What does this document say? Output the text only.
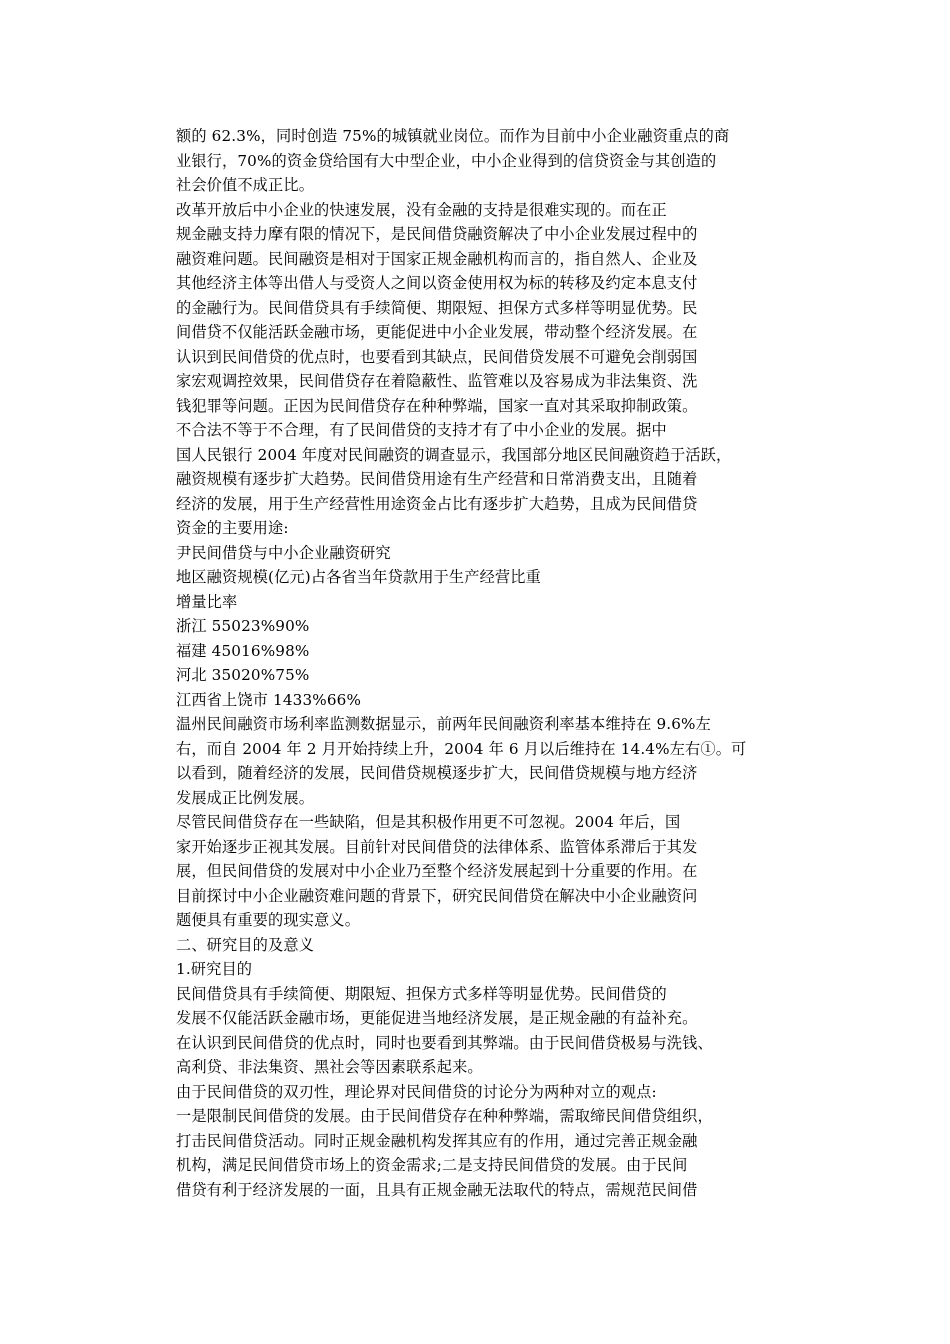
额的 62.3%，同时创造 75%的城镇就业岗位。而作为目前中小企业融资重点的商
业银行，70%的资金贷给国有大中型企业，中小企业得到的信贷资金与其创造的
社会价值不成正比。
改革开放后中小企业的快速发展，没有金融的支持是很难实现的。而在正
规金融支持力摩有限的情况下，是民间借贷融资解决了中小企业发展过程中的
融资难问题。民间融资是相对于国家正规金融机构而言的，指自然人、企业及
其他经济主体等出借人与受资人之间以资金使用权为标的转移及约定本息支付
的金融行为。民间借贷具有手续简便、期限短、担保方式多样等明显优势。民
间借贷不仅能活跃金融市场，更能促进中小企业发展，带动整个经济发展。在
认识到民间借贷的优点时，也要看到其缺点，民间借贷发展不可避免会削弱国
家宏观调控效果，民间借贷存在着隐蔽性、监管难以及容易成为非法集资、洗
钱犯罪等问题。正因为民间借贷存在种种弊端，国家一直对其采取抑制政策。
不合法不等于不合理，有了民间借贷的支持才有了中小企业的发展。据中
国人民银行 2004 年度对民间融资的调查显示，我国部分地区民间融资趋于活跃，
融资规模有逐步扩大趋势。民间借贷用途有生产经营和日常消费支出，且随着
经济的发展，用于生产经营性用途资金占比有逐步扩大趋势，且成为民间借贷
资金的主要用途:
尹民间借贷与中小企业融资研究
地区融资规模(亿元)占各省当年贷款用于生产经营比重
增量比率
浙江 55023%90%
福建 45016%98%
河北 35020%75%
江西省上饶市 1433%66%
温州民间融资市场利率监测数据显示，前两年民间融资利率基本维持在 9.6%左
右，而自 2004 年 2 月开始持续上升，2004 年 6 月以后维持在 14.4%左右①。可
以看到，随着经济的发展，民间借贷规模逐步扩大，民间借贷规模与地方经济
发展成正比例发展。
尽管民间借贷存在一些缺陷，但是其积极作用更不可忽视。2004 年后，国
家开始逐步正视其发展。目前针对民间借贷的法律体系、监管体系滞后于其发
展，但民间借贷的发展对中小企业乃至整个经济发展起到十分重要的作用。在
目前探讨中小企业融资难问题的背景下，研究民间借贷在解决中小企业融资问
题便具有重要的现实意义。
二、研究目的及意义
1.研究目的
民间借贷具有手续简便、期限短、担保方式多样等明显优势。民间借贷的
发展不仅能活跃金融市场，更能促进当地经济发展，是正规金融的有益补充。
在认识到民间借贷的优点时，同时也要看到其弊端。由于民间借贷极易与洗钱、
高利贷、非法集资、黑社会等因素联系起来。
由于民间借贷的双刃性，理论界对民间借贷的讨论分为两种对立的观点:
一是限制民间借贷的发展。由于民间借贷存在种种弊端，需取缔民间借贷组织，
打击民间借贷活动。同时正规金融机构发挥其应有的作用，通过完善正规金融
机构，满足民间借贷市场上的资金需求;二是支持民间借贷的发展。由于民间
借贷有利于经济发展的一面，且具有正规金融无法取代的特点，需规范民间借
